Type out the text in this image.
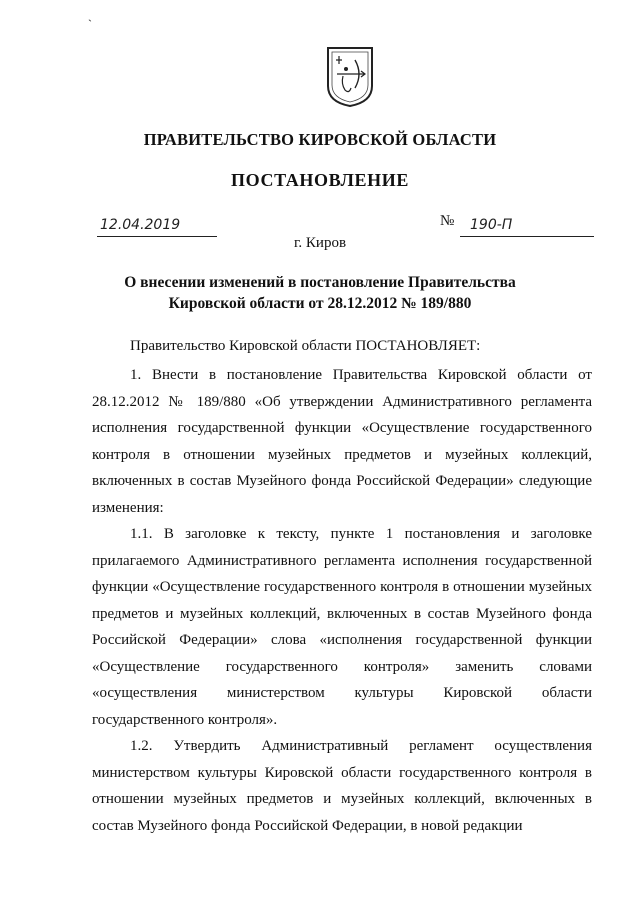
ˋ
ПРАВИТЕЛЬСТВО КИРОВСКОЙ ОБЛАСТИ
ПОСТАНОВЛЕНИЕ
12.04.2019	№ 190-П
г. Киров
О внесении изменений в постановление Правительства
Кировской области от 28.12.2012 № 189/880
Правительство Кировской области ПОСТАНОВЛЯЕТ:
1. Внести в постановление Правительства Кировской области от 28.12.2012 № 189/880 «Об утверждении Административного регламента исполнения государственной функции «Осуществление государственного контроля в отношении музейных предметов и музейных коллекций, включенных в состав Музейного фонда Российской Федерации» следующие изменения:
1.1. В заголовке к тексту, пункте 1 постановления и заголовке прилагаемого Административного регламента исполнения государственной функции «Осуществление государственного контроля в отношении музейных предметов и музейных коллекций, включенных в состав Музейного фонда Российской Федерации» слова «исполнения государственной функции «Осуществление государственного контроля» заменить словами «осуществления министерством культуры Кировской области государственного контроля».
1.2. Утвердить Административный регламент осуществления министерством культуры Кировской области государственного контроля в отношении музейных предметов и музейных коллекций, включенных в состав Музейного фонда Российской Федерации, в новой редакции
